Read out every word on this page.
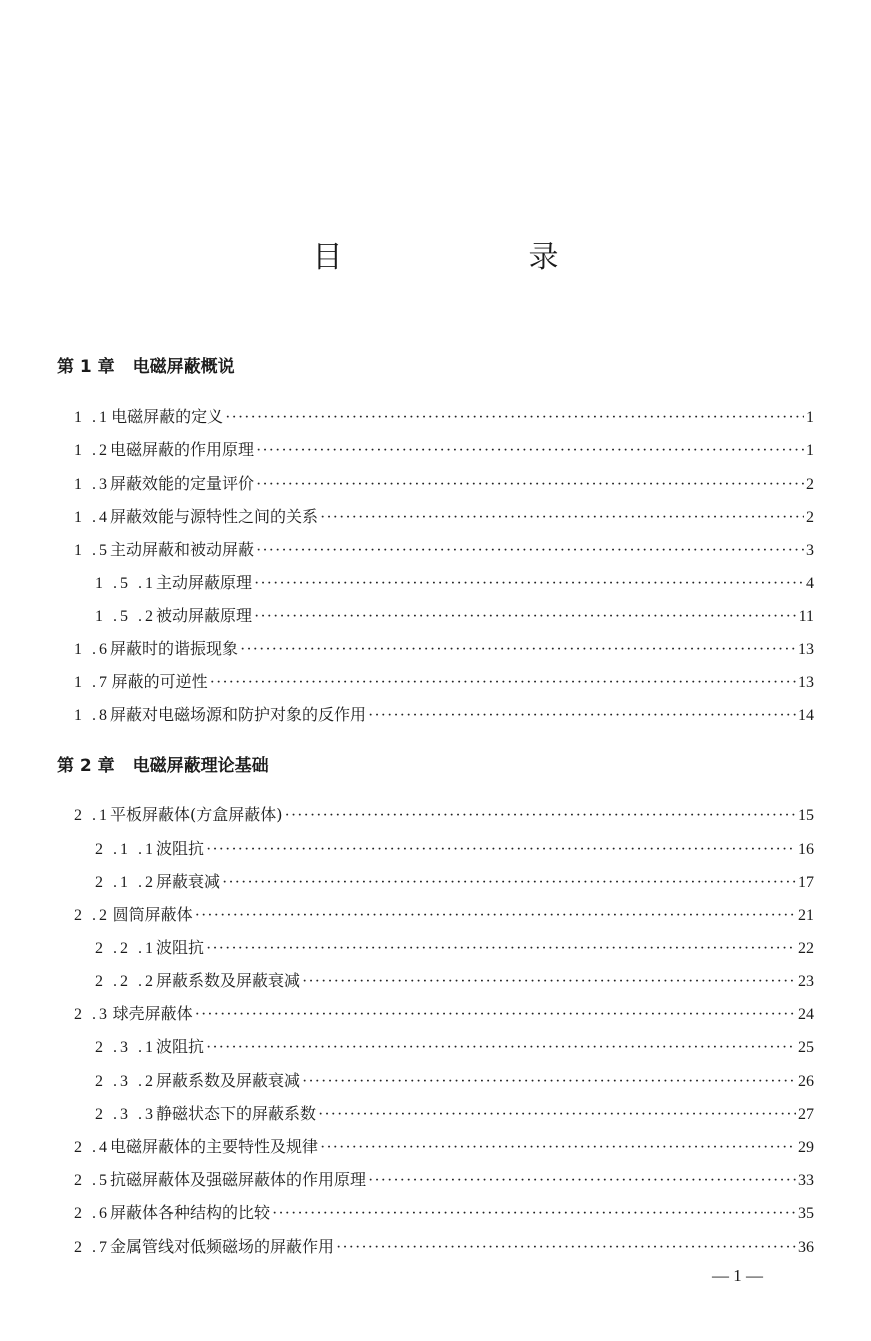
目　录
第 1 章 电磁屏蔽概说
1 .1 电磁屏蔽的定义 ·····	1
1 .2 电磁屏蔽的作用原理 ·····	1
1 .3 屏蔽效能的定量评价 ·····	2
1 .4 屏蔽效能与源特性之间的关系 ·····	2
1 .5 主动屏蔽和被动屏蔽 ·····	3
1 .5 .1 主动屏蔽原理 ·····	4
1 .5 .2 被动屏蔽原理 ·····	11
1 .6 屏蔽时的谐振现象 ·····	13
1 .7 屏蔽的可逆性 ·····	13
1 .8 屏蔽对电磁场源和防护对象的反作用 ·····	14
第 2 章 电磁屏蔽理论基础
2 .1 平板屏蔽体(方盒屏蔽体) ·····	15
2 .1 .1 波阻抗 ·····	16
2 .1 .2 屏蔽衰减 ·····	17
2 .2 圆筒屏蔽体 ·····	21
2 .2 .1 波阻抗 ·····	22
2 .2 .2 屏蔽系数及屏蔽衰减 ·····	23
2 .3 球壳屏蔽体 ·····	24
2 .3 .1 波阻抗 ·····	25
2 .3 .2 屏蔽系数及屏蔽衰减 ·····	26
2 .3 .3 静磁状态下的屏蔽系数 ·····	27
2 .4 电磁屏蔽体的主要特性及规律 ·····	29
2 .5 抗磁屏蔽体及强磁屏蔽体的作用原理 ·····	33
2 .6 屏蔽体各种结构的比较 ·····	35
2 .7 金属管线对低频磁场的屏蔽作用 ·····	36
— 1 —
